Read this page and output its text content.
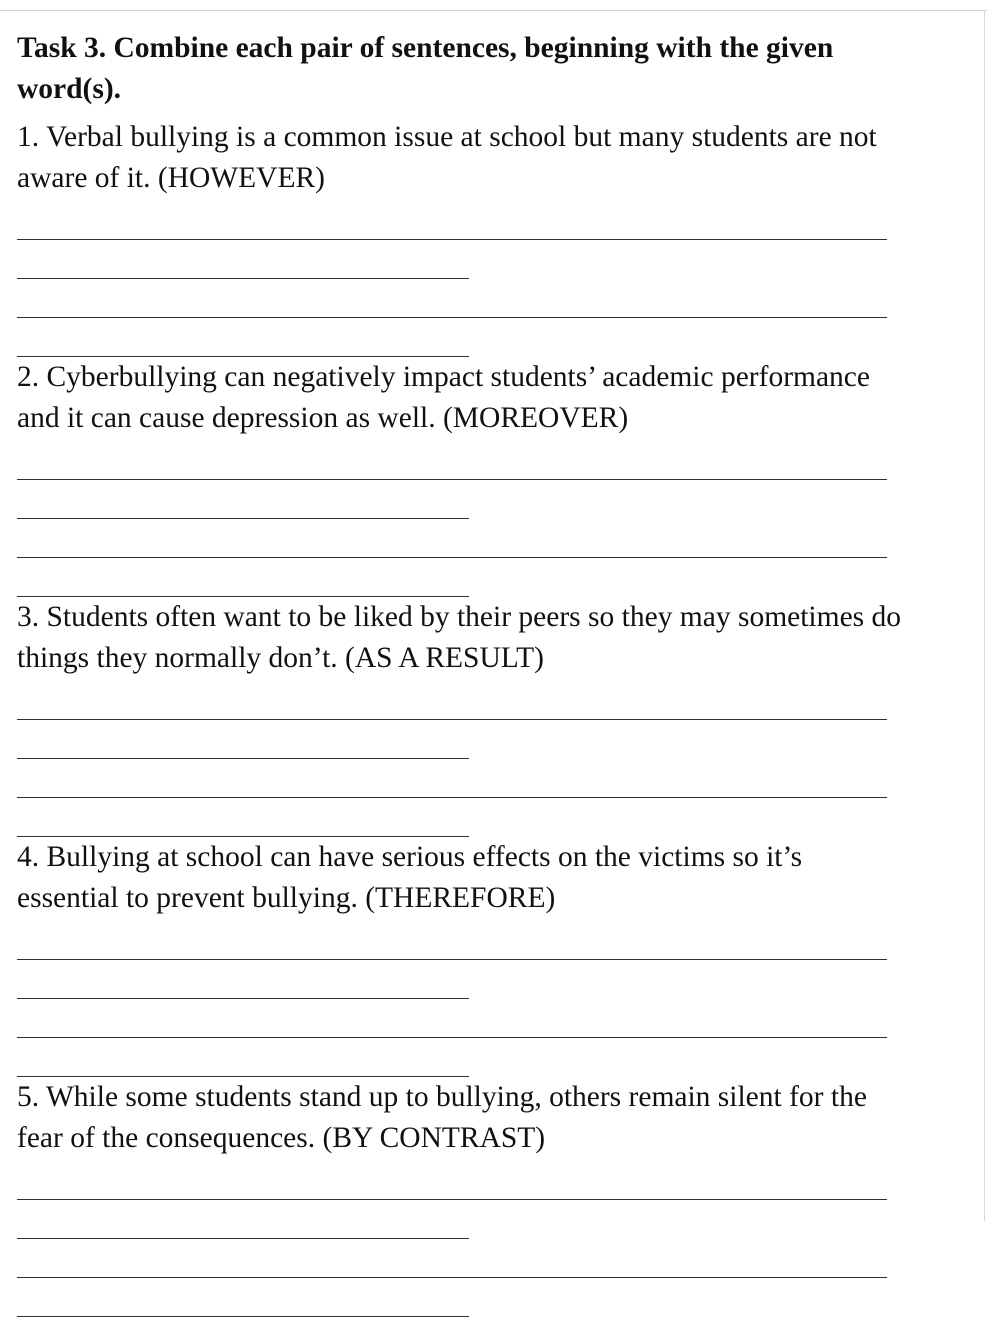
Task 3. Combine each pair of sentences, beginning with the given word(s).

1. Verbal bullying is a common issue at school but many students are not aware of it. (HOWEVER)

2. Cyberbullying can negatively impact students’ academic performance and it can cause depression as well. (MOREOVER)

3. Students often want to be liked by their peers so they may sometimes do things they normally don’t. (AS A RESULT)

4. Bullying at school can have serious effects on the victims so it’s essential to prevent bullying. (THEREFORE)

5. While some students stand up to bullying, others remain silent for the fear of the consequences. (BY CONTRAST)
